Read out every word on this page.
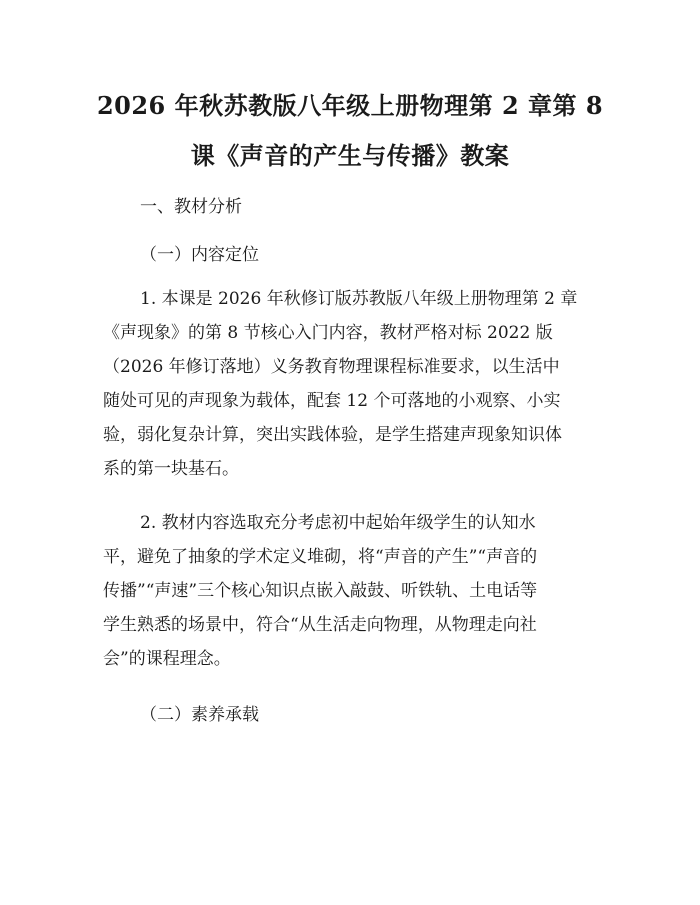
2026 年秋苏教版八年级上册物理第 2 章第 8
课《声音的产生与传播》教案
一、教材分析
（一）内容定位
1. 本课是 2026 年秋修订版苏教版八年级上册物理第 2 章
《声现象》的第 8 节核心入门内容，教材严格对标 2022 版
（2026 年修订落地）义务教育物理课程标准要求，以生活中
随处可见的声现象为载体，配套 12 个可落地的小观察、小实
验，弱化复杂计算，突出实践体验，是学生搭建声现象知识体
系的第一块基石。
2. 教材内容选取充分考虑初中起始年级学生的认知水
平，避免了抽象的学术定义堆砌，将“声音的产生”“声音的
传播”“声速”三个核心知识点嵌入敲鼓、听铁轨、土电话等
学生熟悉的场景中，符合“从生活走向物理，从物理走向社
会”的课程理念。
（二）素养承载
